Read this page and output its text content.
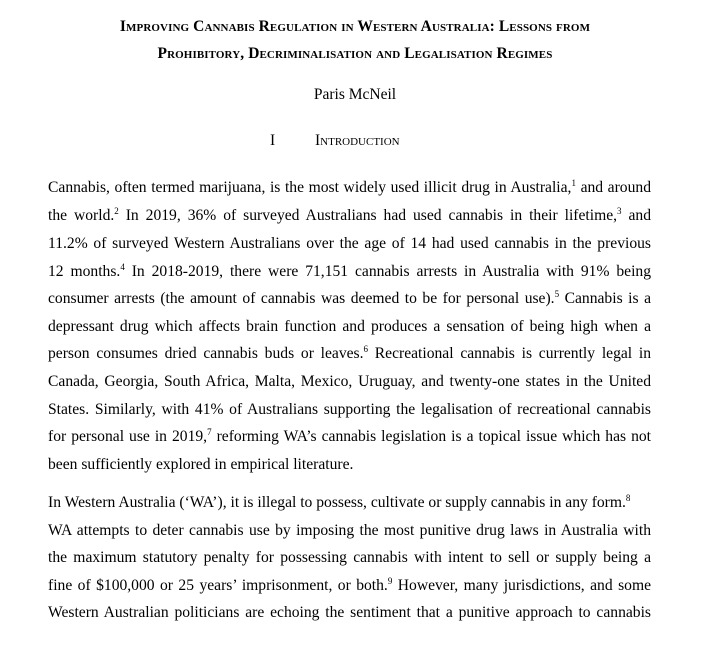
Improving Cannabis Regulation in Western Australia: Lessons from
Prohibitory, Decriminalisation and Legalisation Regimes
Paris McNeil
I	Introduction
Cannabis, often termed marijuana, is the most widely used illicit drug in Australia,$^1$ and around
the world.$^2$ In 2019, 36% of surveyed Australians had used cannabis in their lifetime,$^3$ and
11.2% of surveyed Western Australians over the age of 14 had used cannabis in the previous
12 months.$^4$ In 2018-2019, there were 71,151 cannabis arrests in Australia with 91% being
consumer arrests (the amount of cannabis was deemed to be for personal use).$^5$ Cannabis is a
depressant drug which affects brain function and produces a sensation of being high when a
person consumes dried cannabis buds or leaves.$^6$ Recreational cannabis is currently legal in
Canada, Georgia, South Africa, Malta, Mexico, Uruguay, and twenty-one states in the United
States. Similarly, with 41% of Australians supporting the legalisation of recreational cannabis
for personal use in 2019,$^7$ reforming WA’s cannabis legislation is a topical issue which has not
been sufficiently explored in empirical literature.
In Western Australia (‘WA’), it is illegal to possess, cultivate or supply cannabis in any form.$^8$
WA attempts to deter cannabis use by imposing the most punitive drug laws in Australia with
the maximum statutory penalty for possessing cannabis with intent to sell or supply being a
fine of $100,000 or 25 years’ imprisonment, or both.$^9$ However, many jurisdictions, and some
Western Australian politicians are echoing the sentiment that a punitive approach to cannabis
